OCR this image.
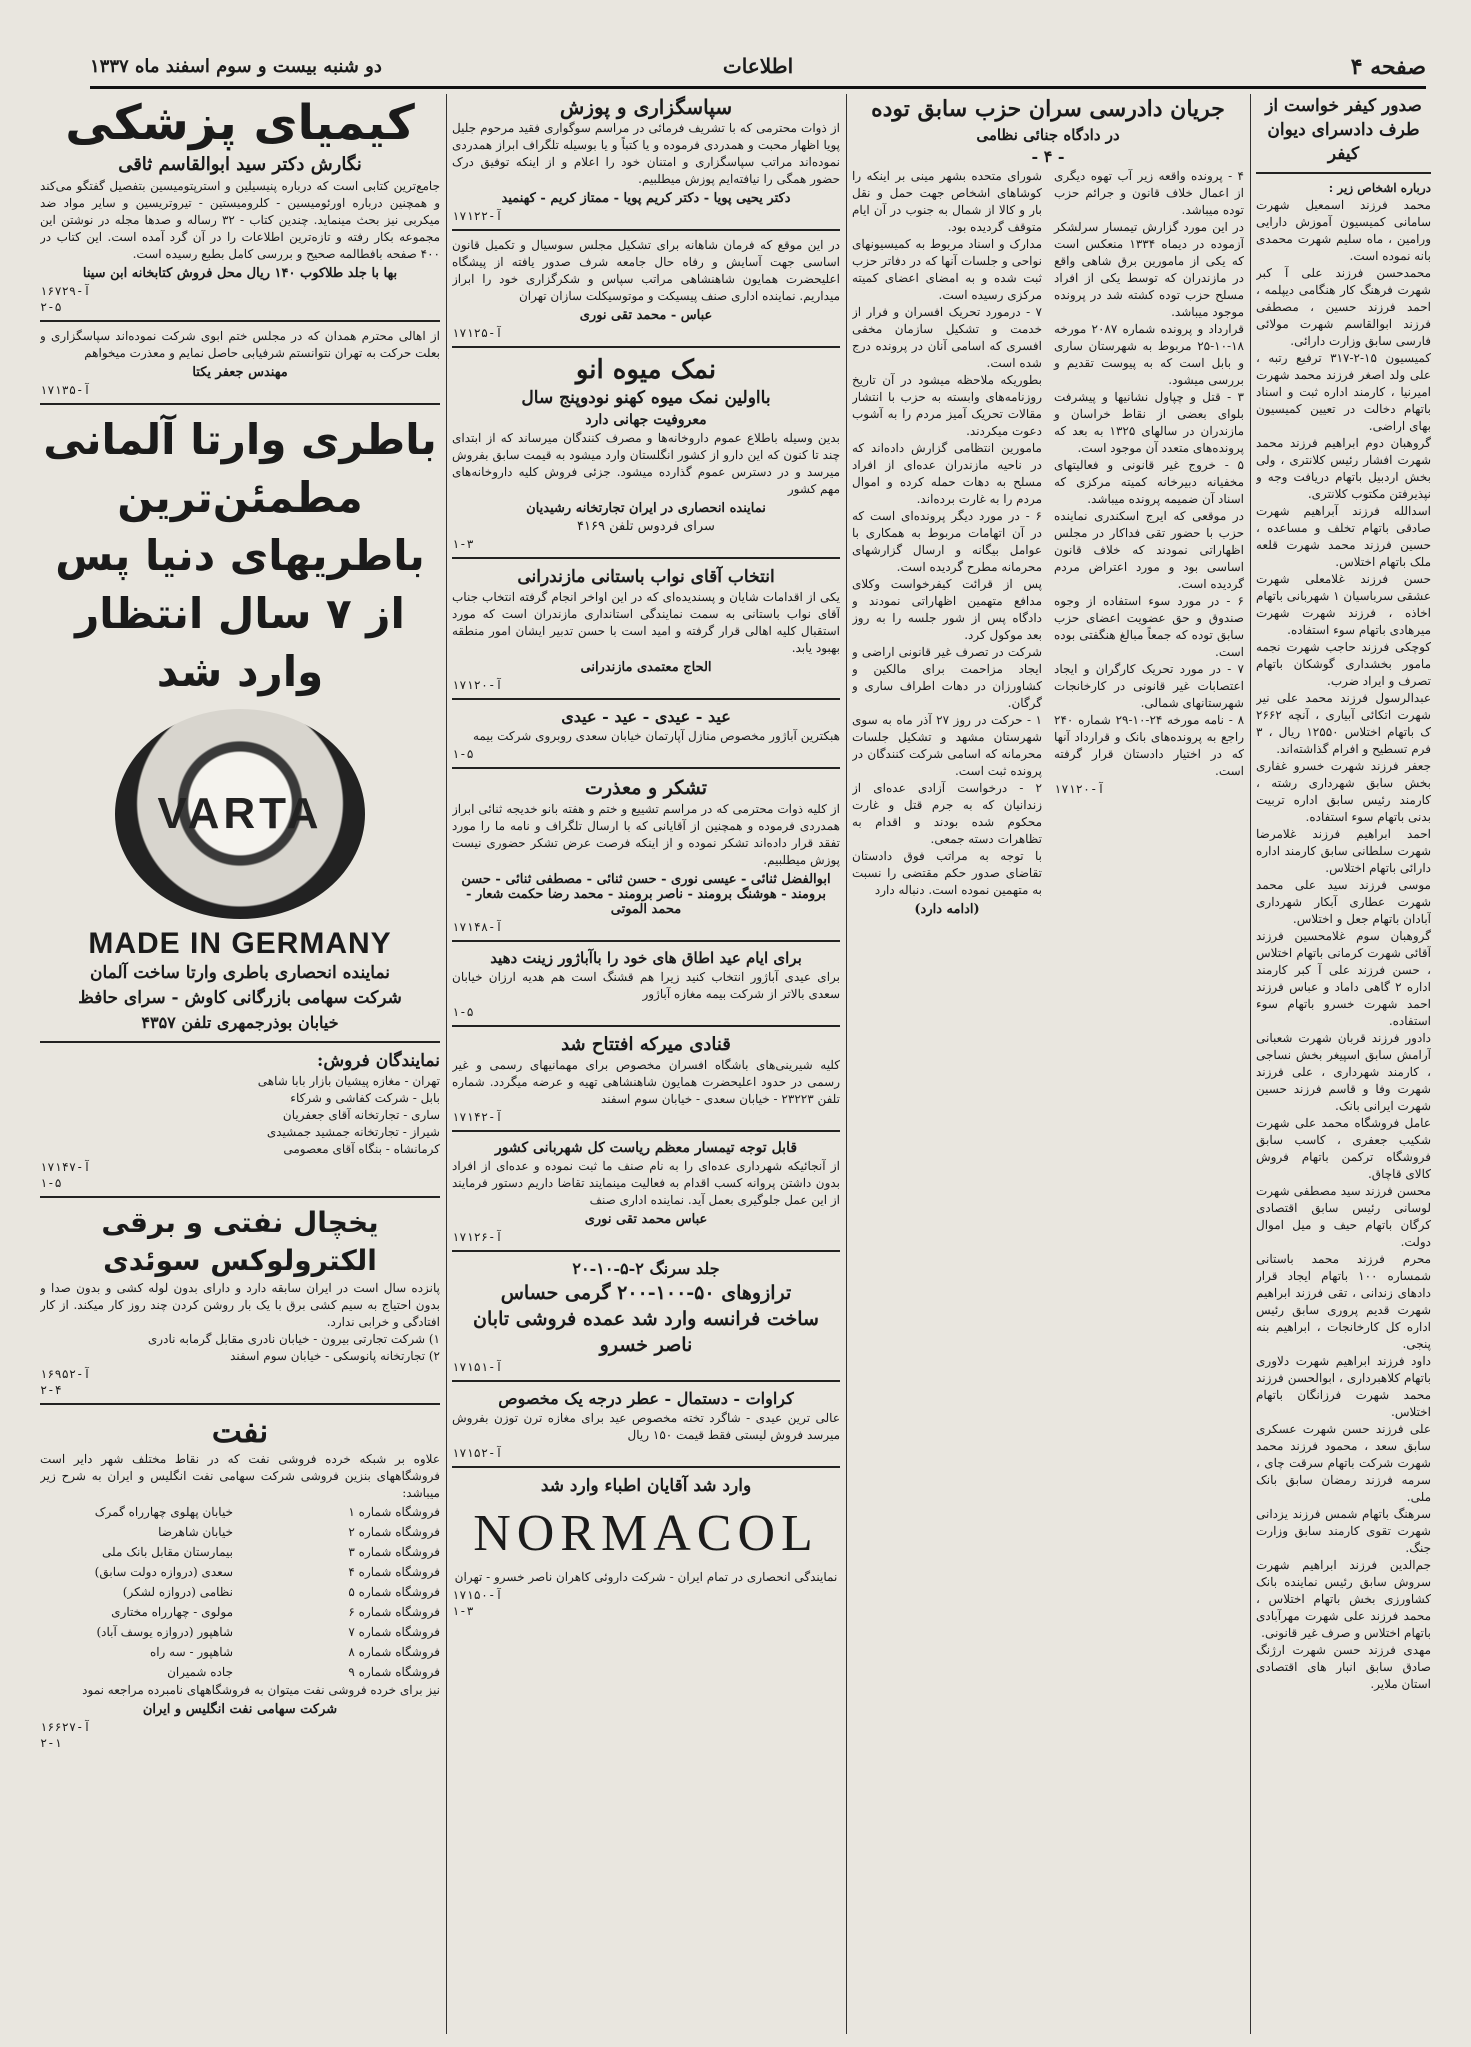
صفحه ۴
اطلاعات
دو شنبه بیست و سوم اسفند ماه ۱۳۳۷
صدور کیفر خواست از طرف دادسرای دیوان کیفر

درباره اشخاص زیر :

محمد فرزند اسمعیل شهرت سامانی کمیسیون آموزش دارایی ورامین ، ماه سلیم شهرت محمدی بانه نموده است.

محمدحسن فرزند علی آ کبر شهرت فرهنگ کار هنگامی دیپلمه ، احمد فرزند حسین ، مصطفی فرزند ابوالقاسم شهرت مولائی فارسی سابق وزارت دارائی.

کمیسیون ۱۵-۲-۳۱۷ ترفیع رتبه ، علی ولد اصغر فرزند محمد شهرت امیرنیا ، کارمند اداره ثبت و اسناد باتهام دخالت در تعیین کمیسیون بهای اراضی.

گروهبان دوم ابراهیم فرزند محمد شهرت افشار رئیس کلانتری ، ولی بخش اردبیل باتهام دریافت وجه و نپذیرفتن مکتوب کلانتری.

اسدالله فرزند آبراهیم شهرت صادقی باتهام تخلف و مساعده ، حسین فرزند محمد شهرت قلعه ملک باتهام اختلاس.

حسن فرزند غلامعلی شهرت عشقی سرباسیان ۱ شهربانی باتهام اخاذه ، فرزند شهرت شهرت میرهادی باتهام سوء استفاده.

کوچکی فرزند حاجب شهرت نجمه مامور بخشداری گوشکان باتهام تصرف و ایراد ضرب.

عبدالرسول فرزند محمد علی نیر شهرت اتکائی آبیاری ، آنچه ۲۶۶۲ ک باتهام اختلاس ۱۲۵۵۰ ریال ، ۳ فرم تسطیح و افرام گذاشته‌اند.

جعفر فرزند شهرت خسرو غفاری بخش سابق شهرداری رشته ، کارمند رئیس سابق اداره تربیت بدنی باتهام سوء استفاده.

احمد ابراهیم فرزند غلامرضا شهرت سلطانی سابق کارمند اداره دارائی باتهام اختلاس.

موسی فرزند سید علی محمد شهرت عطاری آبکار شهرداری آبادان باتهام جعل و اختلاس.

گروهبان سوم غلامحسین فرزند آقائی شهرت کرمانی باتهام اختلاس ، حسن فرزند علی آ کبر کارمند اداره ۲ گاهی داماد و عباس فرزند احمد شهرت خسرو باتهام سوء استفاده.

دادور فرزند قربان شهرت شعبانی آرامش سابق اسپیغر بخش نساجی ، کارمند شهرداری ، علی فرزند شهرت وفا و قاسم فرزند حسین شهرت ایرانی بانک.

عامل فروشگاه محمد علی شهرت شکیب جعفری ، کاسب سابق فروشگاه ترکمن باتهام فروش کالای قاچاق.

محسن فرزند سید مصطفی شهرت لوسانی رئیس سابق اقتصادی کرگان باتهام حیف و میل اموال دولت.

محرم فرزند محمد باستانی شمساره ۱۰۰ باتهام ایجاد قرار دادهای زندانی ، تقی فرزند ابراهیم شهرت قدیم پروری سابق رئیس اداره کل کارخانجات ، ابراهیم بنه پنجی.

داود فرزند ابراهیم شهرت دلاوری باتهام کلاهبرداری ، ابوالحسن فرزند محمد شهرت فرزانگان باتهام اختلاس.

علی فرزند حسن شهرت عسکری سابق سعد ، محمود فرزند محمد شهرت شرکت باتهام سرقت چای ، سرمه فرزند رمضان سابق بانک ملی.

سرهنگ باتهام شمس فرزند یزدانی شهرت تقوی کارمند سابق وزارت جنگ.

جم‌الدین فرزند ابراهیم شهرت سروش سابق رئیس نماینده بانک کشاورزی بخش باتهام اختلاس ، محمد فرزند علی شهرت مهرآبادی باتهام اختلاس و صرف غیر قانونی.

مهدی فرزند حسن شهرت ارژنگ صادق سابق انبار های اقتصادی استان ملایر.

جریان دادرسی سران حزب سابق توده
در دادگاه جنائی نظامی
- ۴ -

۴ - پرونده واقعه زیر آب تهوه دیگری از اعمال خلاف قانون و جرائم حزب توده میباشد.

در این مورد گزارش تیمسار سرلشکر آزموده در دیماه ۱۳۳۴ منعکس است که یکی از مامورین برق شاهی واقع در مازندران که توسط یکی از افراد مسلح حزب توده کشته شد در پرونده موجود میباشد.

قرارداد و پرونده شماره ۲۰۸۷ مورخه ۱۸-۱۰-۲۵ مربوط به شهرستان ساری و بابل است که به پیوست تقدیم و بررسی میشود.

۳ - قتل و چپاول نشانیها و پیشرفت بلوای بعضی از نقاط خراسان و مازندران در سالهای ۱۳۲۵ به بعد که پرونده‌های متعدد آن موجود است.

۵ - خروج غیر قانونی و فعالیتهای مخفیانه دبیرخانه کمیته مرکزی که اسناد آن ضمیمه پرونده میباشد.

در موقعی که ایرج اسکندری نماینده حزب با حضور تقی فداکار در مجلس اظهاراتی نمودند که خلاف قانون اساسی بود و مورد اعتراض مردم گردیده است.

۶ - در مورد سوء استفاده از وجوه صندوق و حق عضویت اعضای حزب سابق توده که جمعاً مبالغ هنگفتی بوده است.

۷ - در مورد تحریک کارگران و ایجاد اعتصابات غیر قانونی در کارخانجات شهرستانهای شمالی.

۸ - نامه مورخه ۲۴-۱۰-۲۹ شماره ۲۴۰ راجع به پرونده‌های بانک و قرارداد آنها که در اختیار دادستان قرار گرفته است.

۱۷۱۲۰-آ

شورای متحده بشهر مینی بر اینکه را کوشاهای اشخاص جهت حمل و نقل بار و کالا از شمال به جنوب در آن ایام متوقف گردیده بود.

مدارک و اسناد مربوط به کمیسیونهای نواحی و جلسات آنها که در دفاتر حزب ثبت شده و به امضای اعضای کمیته مرکزی رسیده است.

۷ - درمورد تحریک افسران و فرار از خدمت و تشکیل سازمان مخفی افسری که اسامی آنان در پرونده درج شده است.

بطوریکه ملاحظه میشود در آن تاریخ روزنامه‌های وابسته به حزب با انتشار مقالات تحریک آمیز مردم را به آشوب دعوت میکردند.

مامورین انتظامی گزارش داده‌اند که در ناحیه مازندران عده‌ای از افراد مسلح به دهات حمله کرده و اموال مردم را به غارت برده‌اند.

۶ - در مورد دیگر پرونده‌ای است که در آن اتهامات مربوط به همکاری با عوامل بیگانه و ارسال گزارشهای محرمانه مطرح گردیده است.

پس از قرائت کیفرخواست وکلای مدافع متهمین اظهاراتی نمودند و دادگاه پس از شور جلسه را به روز بعد موکول کرد.

شرکت در تصرف غیر قانونی اراضی و ایجاد مزاحمت برای مالکین و کشاورزان در دهات اطراف ساری و گرگان.

۱ - حرکت در روز ۲۷ آذر ماه به سوی شهرستان مشهد و تشکیل جلسات محرمانه که اسامی شرکت کنندگان در پرونده ثبت است.

۲ - درخواست آزادی عده‌ای از زندانیان که به جرم قتل و غارت محکوم شده بودند و اقدام به تظاهرات دسته جمعی.

با توجه به مراتب فوق دادستان تقاضای صدور حکم مقتضی را نسبت به متهمین نموده است. دنباله دارد

(ادامه دارد)

سپاسگزاری و پوزش

از ذوات محترمی که با تشریف فرمائی در مراسم سوگواری فقید مرحوم جلیل پویا اظهار محبت و همدردی فرموده و یا کتباً و یا بوسیله تلگراف ابراز همدردی نموده‌اند مراتب سپاسگزاری و امتنان خود را اعلام و از اینکه توفیق درک حضور همگی را نیافته‌ایم پوزش میطلبیم.

دکتر یحیی پویا - دکتر کریم پویا - ممتاز کریم - کهنمید

۱۷۱۲۲-آ

در این موقع که فرمان شاهانه برای تشکیل مجلس سوسیال و تکمیل قانون اساسی جهت آسایش و رفاه حال جامعه شرف صدور یافته از پیشگاه اعلیحضرت همایون شاهنشاهی مراتب سپاس و شکرگزاری خود را ابراز میداریم. نماینده اداری صنف پیسیکت و موتوسیکلت سازان تهران

عباس - محمد تقی نوری

۱۷۱۲۵-آ

نمک میوه انو
بااولین نمک میوه کهنو نودوپنج سال
معروفیت جهانی دارد

بدین وسیله باطلاع عموم داروخانه‌ها و مصرف کنندگان میرساند که از ابتدای چند تا کنون که این دارو از کشور انگلستان وارد میشود به قیمت سابق بفروش میرسد و در دسترس عموم گذارده میشود. جزئی فروش کلیه داروخانه‌های مهم کشور

نماینده انحصاری در ایران تجارتخانه رشیدیان

سرای فردوس تلفن ۴۱۶۹

۱-۳

انتخاب آقای نواب باستانی مازندرانی

یکی از اقدامات شایان و پسندیده‌ای که در این اواخر انجام گرفته انتخاب جناب آقای نواب باستانی به سمت نمایندگی استانداری مازندران است که مورد استقبال کلیه اهالی قرار گرفته و امید است با حسن تدبیر ایشان امور منطقه بهبود یابد.

الحاج معتمدی مازندرانی

۱۷۱۲۰-آ

عید - عیدی - عید - عیدی

هبکترین آباژور مخصوص منازل آپارتمان خیابان سعدی روبروی شرکت بیمه

۱-۵

تشکر و معذرت

از کلیه ذوات محترمی که در مراسم تشییع و ختم و هفته بانو خدیجه ثنائی ابراز همدردی فرموده و همچنین از آقایانی که با ارسال تلگراف و نامه ما را مورد تفقد قرار داده‌اند تشکر نموده و از اینکه فرصت عرض تشکر حضوری نیست پوزش میطلبیم.

ابوالفضل ثنائی - عیسی نوری - حسن ثنائی - مصطفی ثنائی - حسن برومند - هوشنگ برومند - ناصر برومند - محمد رضا حکمت شعار - محمد الموتی

۱۷۱۴۸-آ

برای ایام عید اطاق های خود را باآباژور زینت دهید

برای عیدی آباژور انتخاب کنید زیرا هم قشنگ است هم هدیه ارزان خیابان سعدی بالاتر از شرکت بیمه مغازه آباژور

۱-۵

قنادی میرکه افتتاح شد

کلیه شیرینی‌های باشگاه افسران مخصوص برای مهمانیهای رسمی و غیر رسمی در حدود اعلیحضرت همایون شاهنشاهی تهیه و عرضه میگردد. شماره تلفن ۲۳۲۲۳ - خیابان سعدی - خیابان سوم اسفند

۱۷۱۴۲-آ

قابل توجه تیمسار معظم ریاست کل شهربانی کشور

از آنجائیکه شهرداری عده‌ای را به نام صنف ما ثبت نموده و عده‌ای از افراد بدون داشتن پروانه کسب اقدام به فعالیت مینمایند تقاضا داریم دستور فرمایند از این عمل جلوگیری بعمل آید. نماینده اداری صنف

عباس محمد تقی نوری

۱۷۱۲۶-آ

جلد سرنگ ۲-۵-۱۰-۲۰
ترازوهای ۵۰-۱۰۰-۲۰۰ گرمی حساس
ساخت فرانسه وارد شد عمده فروشی تابان
ناصر خسرو

۱۷۱۵۱-آ

کراوات - دستمال - عطر درجه یک مخصوص

عالی ترین عیدی - شاگرد تخته مخصوص عید برای مغازه ترن توزن بفروش میرسد فروش لیستی فقط قیمت ۱۵۰ ریال

۱۷۱۵۲-آ

وارد شد آقایان اطباء وارد شد
NORMACOL

نمایندگی انحصاری در تمام ایران - شرکت داروئی کاهران ناصر خسرو - تهران

۱۷۱۵۰-آ

۱-۳

کیمیای پزشکی
نگارش دکتر سید ابوالقاسم ثاقی

جامع‌ترین کتابی است که درباره پنیسیلین و استرپتومیسین بتفصیل گفتگو می‌کند و همچنین درباره اورئومیسین - کلرومیستین - تیروتریسین و سایر مواد ضد میکربی نیز بحث مینماید. چندین کتاب - ۳۲ رساله و صدها مجله در نوشتن این مجموعه بکار رفته و تازه‌ترین اطلاعات را در آن گرد آمده است. این کتاب در ۴۰۰ صفحه بافطالمه صحیح و بررسی کامل بطبع رسیده است.

بها با جلد طلاکوب ۱۴۰ ریال محل فروش کتابخانه ابن سینا

۱۶۷۲۹-آ

۲-۵

از اهالی محترم همدان که در مجلس ختم ابوی شرکت نموده‌اند سپاسگزاری و بعلت حرکت به تهران نتوانستم شرفیابی حاصل نمایم و معذرت میخواهم

مهندس جعفر یکتا

۱۷۱۳۵-آ

باطری وارتا آلمانی مطمئن‌ترین باطریهای دنیا پس از ۷ سال انتظار وارد شد
VARTA
MADE IN GERMANY
نماینده انحصاری باطری وارتا ساخت آلمان
شرکت سهامی بازرگانی کاوش - سرای حافظ
خیابان بوذرجمهری تلفن ۴۳۵۷
نمایندگان فروش:

تهران - مغازه پیشیان بازار بابا شاهی

بابل - شرکت کفاشی و شرکاء

ساری - تجارتخانه آقای جعفریان

شیراز - تجارتخانه جمشید جمشیدی

کرمانشاه - بنگاه آقای معصومی

۱۷۱۴۷-آ

۱-۵

یخچال نفتی و برقی الکترولوکس سوئدی

پانزده سال است در ایران سابقه دارد و دارای بدون لوله کشی و بدون صدا و بدون احتیاج به سیم کشی برق با یک بار روشن کردن چند روز کار میکند. از کار افتادگی و خرابی ندارد.

۱) شرکت تجارتی بیرون - خیابان نادری مقابل گرمابه نادری

۲) تجارتخانه پانوسکی - خیابان سوم اسفند

۱۶۹۵۲-آ

۲-۴

نفت

علاوه بر شبکه خرده فروشی نفت که در نقاط مختلف شهر دایر است فروشگاههای بنزین فروشی شرکت سهامی نفت انگلیس و ایران به شرح زیر میباشد:

فروشگاه شماره ۱
خیابان پهلوی چهارراه گمرک
فروشگاه شماره ۲
خیابان شاهرضا
فروشگاه شماره ۳
بیمارستان مقابل بانک ملی
فروشگاه شماره ۴
سعدی (دروازه دولت سابق)
فروشگاه شماره ۵
نظامی (دروازه لشکر)
فروشگاه شماره ۶
مولوی - چهارراه مختاری
فروشگاه شماره ۷
شاهپور (دروازه یوسف آباد)
فروشگاه شماره ۸
شاهپور - سه راه
فروشگاه شماره ۹
جاده شمیران

نیز برای خرده فروشی نفت میتوان به فروشگاههای نامبرده مراجعه نمود

شرکت سهامی نفت انگلیس و ایران

۱۶۶۲۷-آ

۲-۱
